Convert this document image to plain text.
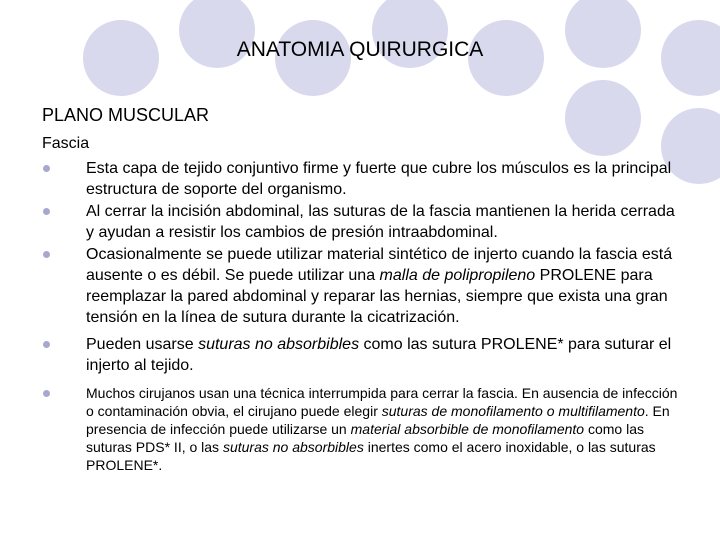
ANATOMIA QUIRURGICA
PLANO MUSCULAR
Fascia
Esta capa de tejido conjuntivo firme y fuerte que cubre los músculos es la principal estructura de soporte del organismo.
Al cerrar la incisión abdominal, las suturas de la fascia mantienen la herida cerrada y ayudan a resistir los cambios de presión intraabdominal.
Ocasionalmente se puede utilizar material sintético de injerto cuando la fascia está ausente o es débil. Se puede utilizar una malla de polipropileno PROLENE para reemplazar la pared abdominal y reparar las hernias, siempre que exista una gran tensión en la línea de sutura durante la cicatrización.
Pueden usarse suturas no absorbibles como las sutura PROLENE* para suturar el injerto al tejido.
Muchos cirujanos usan una técnica interrumpida para cerrar la fascia. En ausencia de infección o contaminación obvia, el cirujano puede elegir suturas de monofilamento o multifilamento. En presencia de infección puede utilizarse un material absorbible de monofilamento como las suturas PDS* II, o las suturas no absorbibles inertes como el acero inoxidable, o las suturas PROLENE*.
